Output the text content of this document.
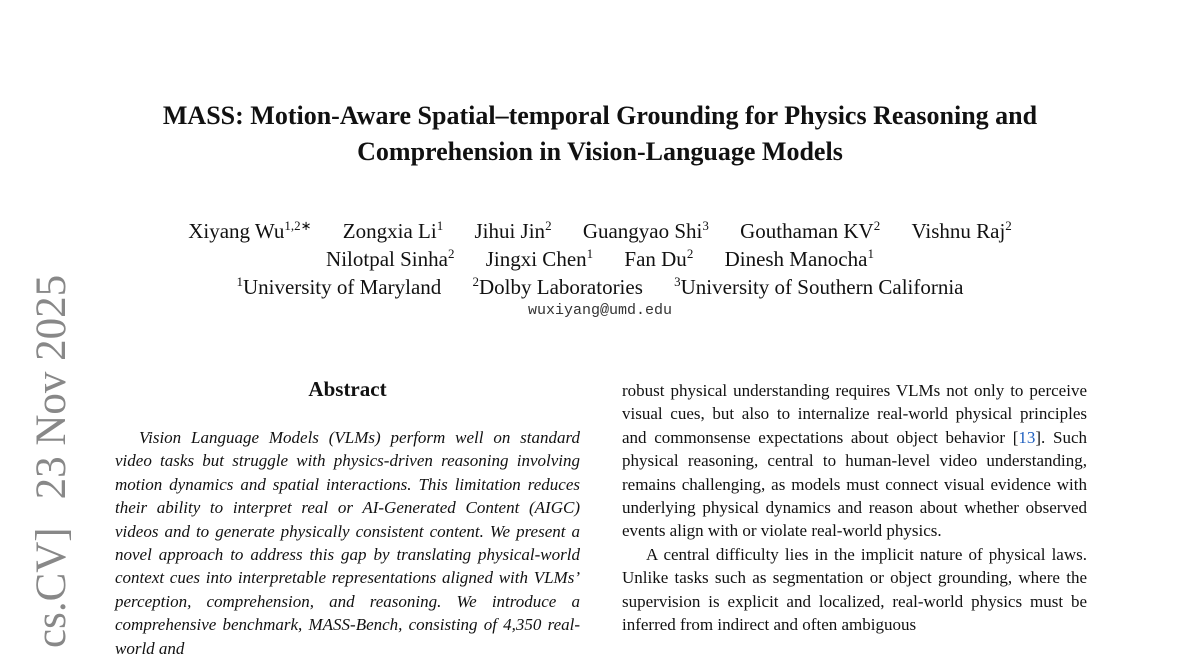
MASS: Motion-Aware Spatial–temporal Grounding for Physics Reasoning and
Comprehension in Vision-Language Models
Xiyang $Wu^{1,2∗}$ Zongxia Li$^1$ Jihui Jin$^2$ Guangyao Shi$^3$ Gouthaman $KV^2$ Vishnu Raj$^2$
Nilotpal Sinha$^2$ Jingxi Chen$^1$ Fan Du$^2$ Dinesh Manocha$^1$
$^1$University of Maryland $^2$Dolby Laboratories $^3$University of Southern California
wuxiyang@umd.edu
cs.CV]23 Nov 2025	Abstract

Vision Language Models (VLMs) perform well on standard video tasks but struggle with physics-driven reasoning involving motion dynamics and spatial interactions. This limitation reduces their ability to interpret real or AI-Generated Content (AIGC) videos and to generate physically consistent content. We present a novel approach to address this gap by translating physical-world context cues into interpretable representations aligned with VLMs’ perception, comprehension, and reasoning. We introduce a comprehensive benchmark, MASS-Bench, consisting of 4,350 real-world and

robust physical understanding requires VLMs not only to perceive visual cues, but also to internalize real-world physical principles and commonsense expectations about object behavior [13]. Such physical reasoning, central to human-level video understanding, remains challenging, as models must connect visual evidence with underlying physical dynamics and reason about whether observed events align with or violate real-world physics.

A central difficulty lies in the implicit nature of physical laws. Unlike tasks such as segmentation or object grounding, where the supervision is explicit and localized, real-world physics must be inferred from indirect and often ambiguous
